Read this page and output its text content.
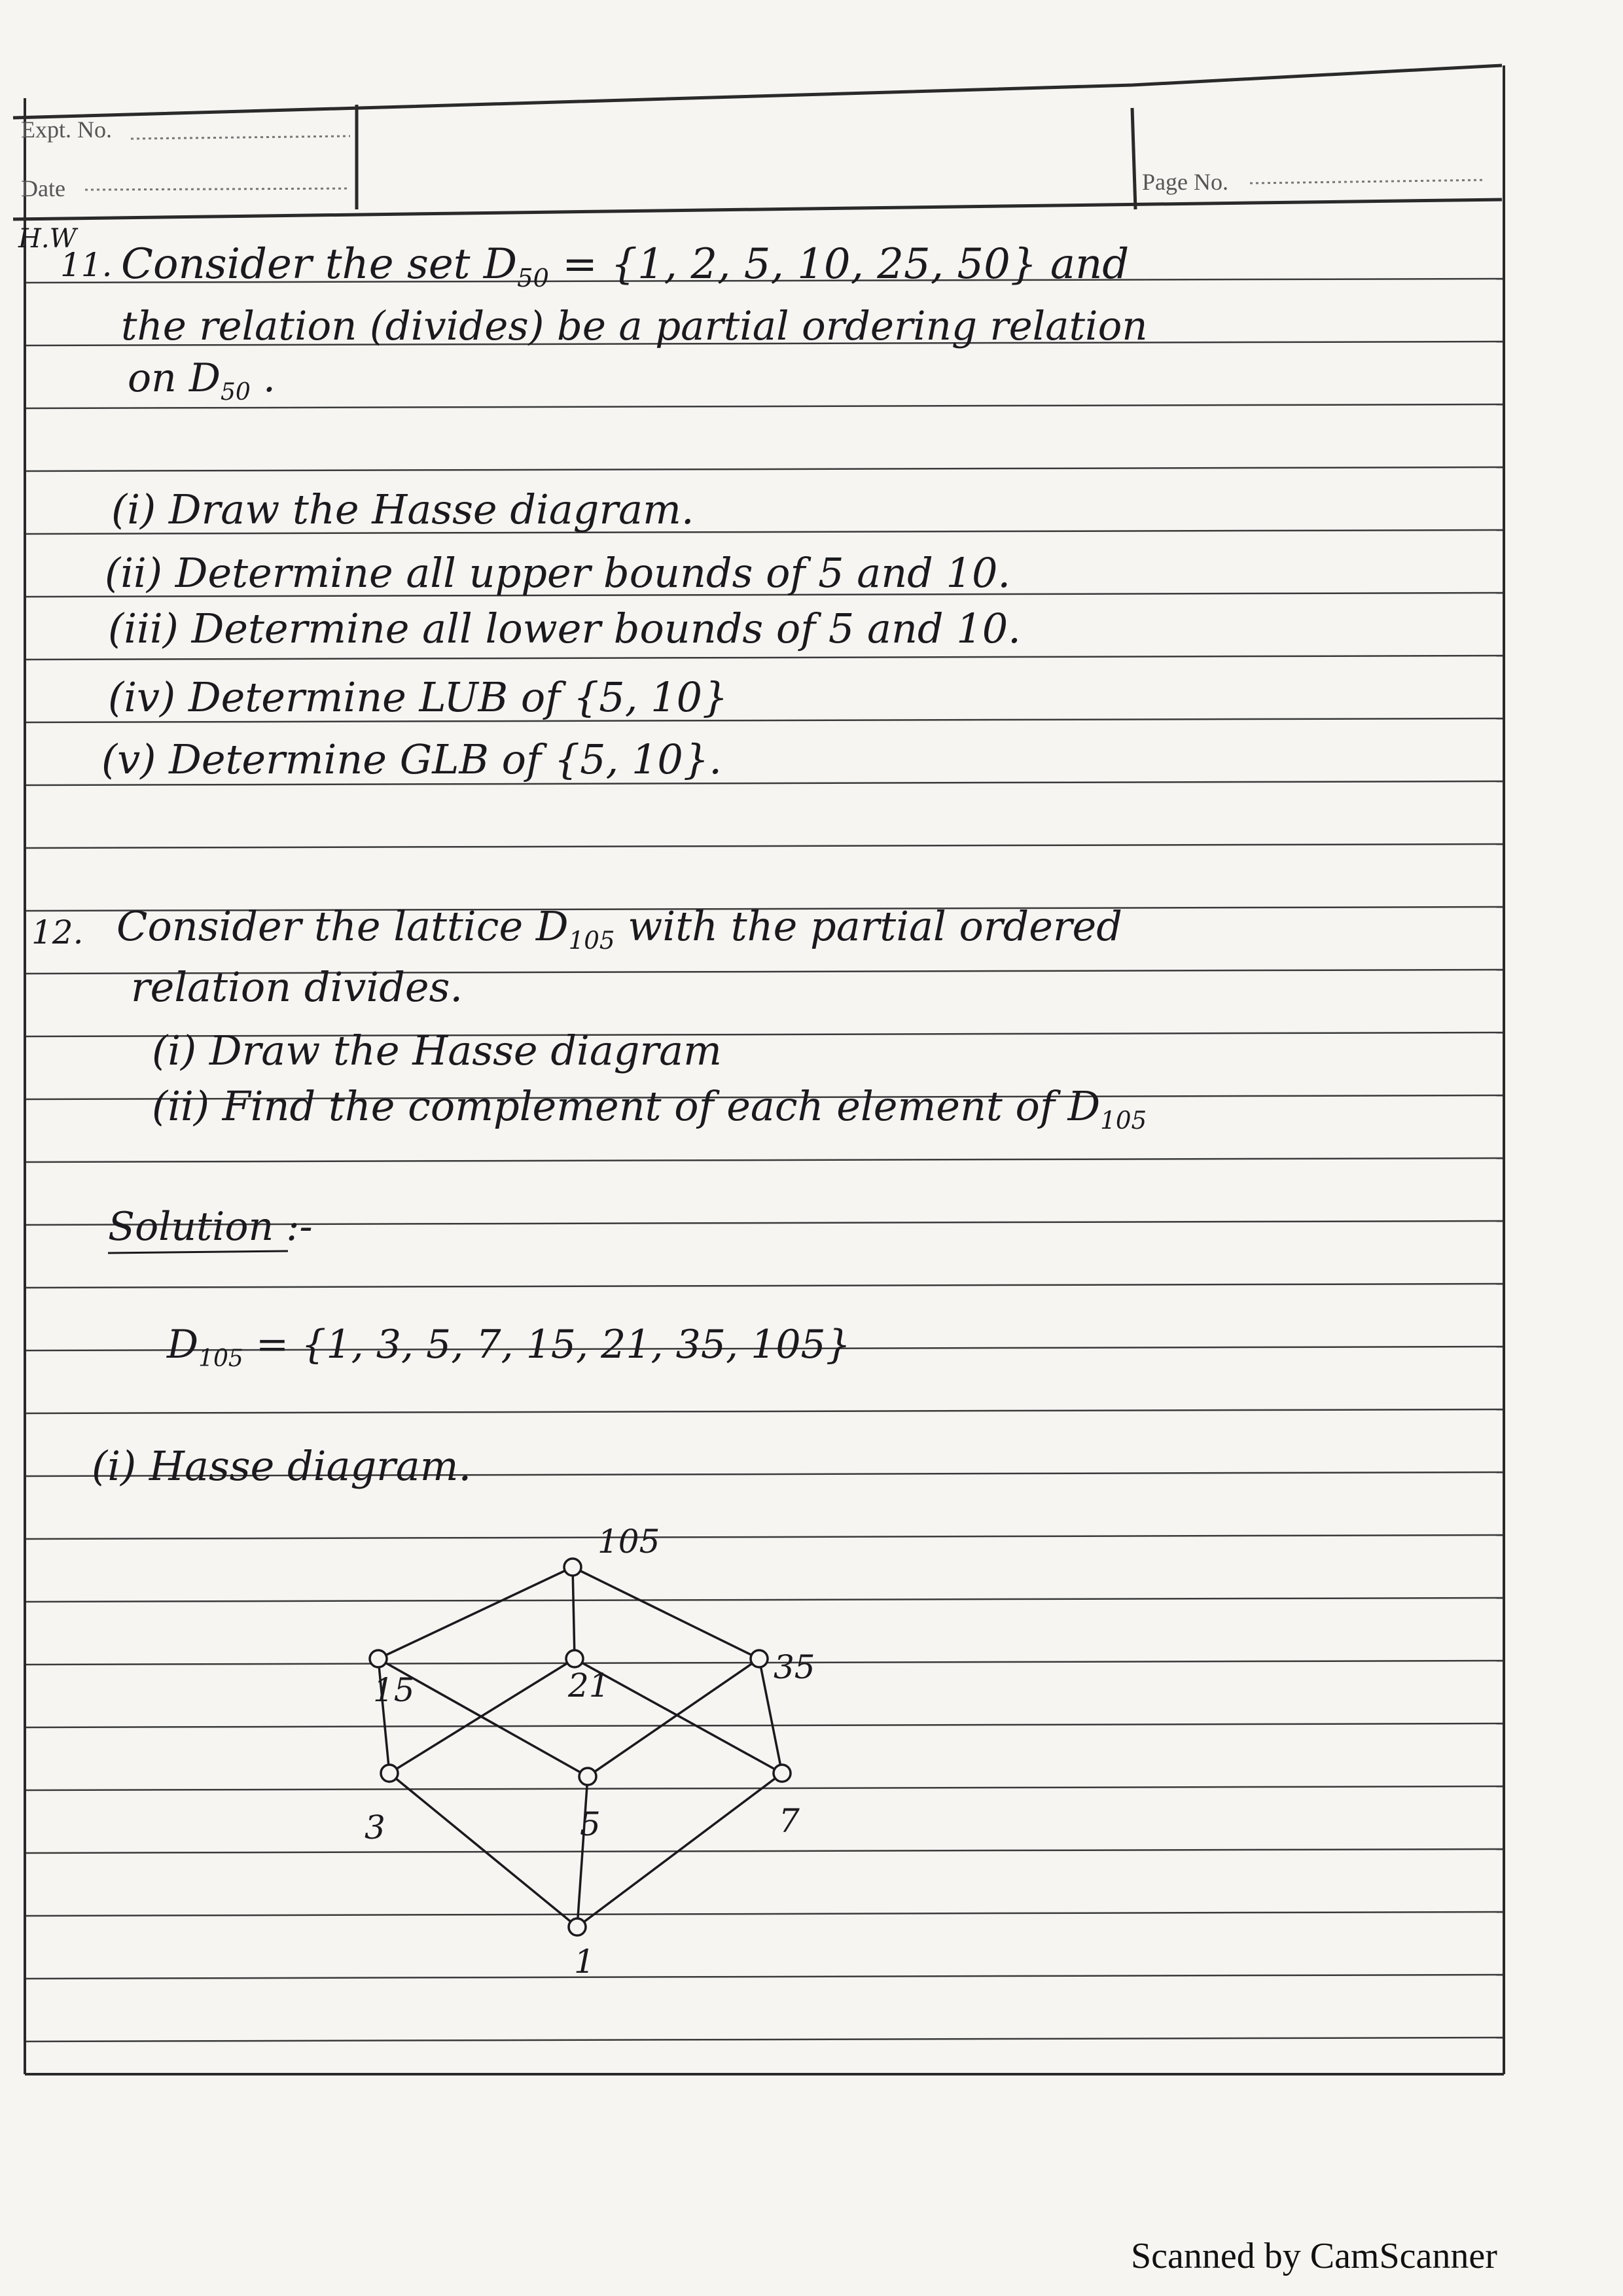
105
15	21	35
3	5	7
1
Expt. No.
Date	Page No.
H.W
11. Consider the set $D_{50} = \{1$, 2, 5, 10, 25, 50} and
the relation (divides) be a partial ordering relation
on $D_{50}$ .
(i) Draw the Hasse diagram.
(ii) Determine all upper bounds of 5 and 10.
(iii) Determine all lower bounds of 5 and 10.
(iv) Determine LUB of {5, 10}
(v) Determine GLB of {5, 10}.
12. Consider the lattice $D_{105}$ with the partial ordered
relation divides.
(i) Draw the Hasse diagram
(ii) Find the complement of each element of $D_{105}$
Solution :-
$D_{105} = \{1$, 3, 5, 7, 15, 21, 35, 105}
(i) Hasse diagram.
Scanned by CamScanner
